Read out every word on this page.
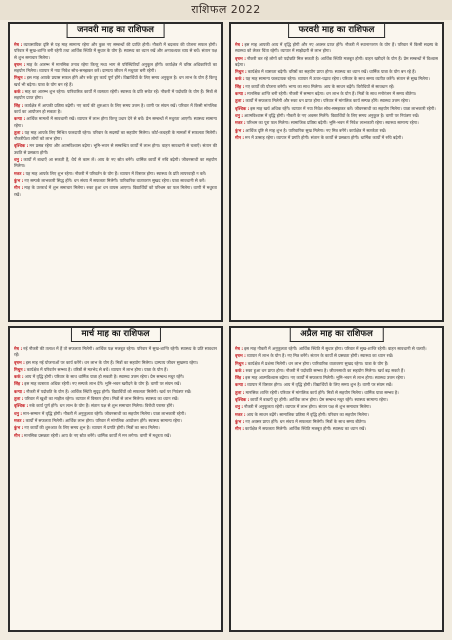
राशिफल 2022
जनवरी माह का राशिफल

मेष :व्यावसायिक दृष्टि से यह माह सामान्य रहेगा और कुछ नए सम्बन्धों की प्राप्ति होगी। नौकरी में बदलाव की योजना सफल होगी। परिवार में सुख-शान्ति बनी रहेगी तथा आर्थिक स्थिति में सुधार के योग हैं। स्वास्थ्य का ध्यान रखें और अनावश्यक व्यय से बचें। संतान पक्ष से शुभ समाचार मिलेगा।

वृषभ :माह के आरम्भ में मानसिक तनाव रहेगा किन्तु मध्य भाग से परिस्थितियाँ अनुकूल होंगी। कार्यक्षेत्र में वरिष्ठ अधिकारियों का सहयोग मिलेगा। व्यापार में नया निवेश सोच-समझकर करें। दाम्पत्य जीवन में मधुरता बनी रहेगी।

मिथुन :इस माह आपके प्रयास सफल होंगे और रुके हुए कार्य पूर्ण होंगे। विद्यार्थियों के लिए समय अनुकूल है। धन लाभ के योग हैं किन्तु खर्च भी बढ़ेगा। यात्रा के योग बन रहे हैं।

कर्क :माह का आरम्भ शुभ रहेगा। पारिवारिक कार्यों में व्यस्तता रहेगी। स्वास्थ्य के प्रति सचेत रहें। नौकरी में पदोन्नति के योग हैं। मित्रों से सहयोग प्राप्त होगा।

सिंह :कार्यक्षेत्र में आपकी प्रतिष्ठा बढ़ेगी। नए कार्य की शुरुआत के लिए समय उत्तम है। वाणी पर संयम रखें। परिवार में किसी मांगलिक कार्य का आयोजन हो सकता है।

कन्या :आर्थिक मामलों में सावधानी रखें। व्यापार में लाभ होगा किन्तु उधार देने से बचें। प्रेम सम्बन्धों में मधुरता आएगी। स्वास्थ्य सामान्य रहेगा।

तुला :यह माह आपके लिए मिश्रित फलदायी रहेगा। परिवार के सदस्यों का सहयोग मिलेगा। कोर्ट-कचहरी के मामलों में सफलता मिलेगी। नौकरीपेशा लोगों को लाभ होगा।

वृश्चिक :मन प्रसन्न रहेगा और आत्मविश्वास बढ़ेगा। भूमि-भवन से सम्बन्धित कार्यों में लाभ होगा। वाहन सावधानी से चलाएँ। संतान की उन्नति से प्रसन्नता होगी।

धनु :कार्यों में बाधाएँ आ सकती हैं, धैर्य से काम लें। आय के नए स्रोत बनेंगे। धार्मिक कार्यों में रुचि बढ़ेगी। जीवनसाथी का सहयोग मिलेगा।

मकर :यह माह आपके लिए शुभ रहेगा। नौकरी में परिवर्तन के योग हैं। व्यापार में विस्तार होगा। स्वास्थ्य के प्रति लापरवाही न करें।

कुंभ :नए सम्पर्क लाभकारी सिद्ध होंगे। धन संचय में सफलता मिलेगी। पारिवारिक वातावरण सुखद रहेगा। यात्रा सावधानी से करें।

मीन :माह के उत्तरार्ध में शुभ समाचार मिलेगा। रुका हुआ धन वापस आएगा। विद्यार्थियों को परिश्रम का फल मिलेगा। वाणी में मधुरता रखें।

फरवरी माह का राशिफल

मेष :इस माह आपकी आय में वृद्धि होगी और नए अवसर प्राप्त होंगे। नौकरी में स्थानान्तरण के योग हैं। परिवार में किसी सदस्य के स्वास्थ्य को लेकर चिंता रहेगी। व्यापार में साझेदारी से लाभ होगा।

वृषभ :नौकरी कर रहे लोगों को पदोन्नति मिल सकती है। आर्थिक स्थिति मजबूत होगी। वाहन खरीदने के योग हैं। प्रेम सम्बन्धों में विश्वास बढ़ेगा।

मिथुन :कार्यक्षेत्र में व्यस्तता बढ़ेगी। वरिष्ठों का सहयोग प्राप्त होगा। स्वास्थ्य का ध्यान रखें। धार्मिक यात्रा के योग बन रहे हैं।

कर्क :यह माह सामान्य फलदायक रहेगा। व्यापार में उतार-चढ़ाव रहेगा। परिवार के साथ समय व्यतीत करेंगे। संतान से सुख मिलेगा।

सिंह :नए कार्यों की योजना बनेगी। भाग्य का साथ मिलेगा। आय के साधन बढ़ेंगे। विरोधियों से सावधान रहें।

कन्या :मानसिक शान्ति बनी रहेगी। नौकरी में सम्मान बढ़ेगा। धन लाभ के योग हैं। मित्रों के साथ मनोरंजन में समय बीतेगा।

तुला :कार्यों में सफलता मिलेगी और रुका धन प्राप्त होगा। परिवार में मांगलिक कार्य सम्पन्न होंगे। स्वास्थ्य उत्तम रहेगा।

वृश्चिक :इस माह खर्च अधिक रहेंगे। व्यापार में नया निवेश सोच-समझकर करें। जीवनसाथी का सहयोग मिलेगा। यात्रा लाभकारी रहेगी।

धनु :आत्मविश्वास में वृद्धि होगी। नौकरी के नए अवसर मिलेंगे। विद्यार्थियों के लिए समय अनुकूल है। वाणी पर नियंत्रण रखें।

मकर :परिश्रम का पूरा फल मिलेगा। सामाजिक प्रतिष्ठा बढ़ेगी। भूमि-भवन में निवेश लाभकारी रहेगा। स्वास्थ्य सामान्य रहेगा।

कुंभ :आर्थिक दृष्टि से माह शुभ है। पारिवारिक सुख मिलेगा। नए मित्र बनेंगे। कार्यक्षेत्र में सतर्कता रखें।

मीन :मन में उत्साह रहेगा। व्यापार में प्रगति होगी। संतान के कार्यों से प्रसन्नता होगी। धार्मिक कार्यों में रुचि बढ़ेगी।

मार्च माह का राशिफल

मेष :नई नौकरी की तलाश में हैं तो सफलता मिलेगी। आर्थिक पक्ष मजबूत रहेगा। परिवार में सुख-शान्ति रहेगी। स्वास्थ्य के प्रति सावधान रहें।

वृषभ :इस माह नई योजनाओं पर कार्य करेंगे। धन लाभ के योग हैं। मित्रों का सहयोग मिलेगा। दाम्पत्य जीवन सुखमय रहेगा।

मिथुन :कार्यक्षेत्र में परिवर्तन सम्भव है। वरिष्ठों से मतभेद से बचें। व्यापार में लाभ होगा। यात्रा के योग हैं।

कर्क :आय में वृद्धि होगी। परिवार के साथ धार्मिक यात्रा हो सकती है। स्वास्थ्य उत्तम रहेगा। प्रेम सम्बन्ध मधुर रहेंगे।

सिंह :इस माह व्यस्तता अधिक रहेगी। नए सम्पर्क लाभ देंगे। भूमि-भवन खरीदने के योग हैं। वाणी पर संयम रखें।

कन्या :नौकरी में पदोन्नति के योग हैं। आर्थिक स्थिति सुदृढ़ होगी। विद्यार्थियों को सफलता मिलेगी। खर्च पर नियंत्रण रखें।

तुला :परिवार में खुशी का माहौल रहेगा। व्यापार में विस्तार होगा। मित्रों से लाभ मिलेगा। स्वास्थ्य का ध्यान रखें।

वृश्चिक :रुके कार्य पूर्ण होंगे। धन लाभ के योग हैं। संतान पक्ष से शुभ समाचार मिलेगा। विरोधी परास्त होंगे।

धनु :मान-सम्मान में वृद्धि होगी। नौकरी में अनुकूलता रहेगी। जीवनसाथी का सहयोग मिलेगा। यात्रा लाभकारी रहेगी।

मकर :कार्यों में सफलता मिलेगी। आर्थिक लाभ होगा। परिवार में मांगलिक आयोजन होंगे। स्वास्थ्य सामान्य रहेगा।

कुंभ :नए कार्यों की शुरुआत के लिए समय शुभ है। व्यापार में प्रगति होगी। मित्रों का साथ मिलेगा।

मीन :मानसिक प्रसन्नता रहेगी। आय के नए स्रोत बनेंगे। धार्मिक कार्यों में मन लगेगा। वाणी में मधुरता रखें।

अप्रैल माह का राशिफल

मेष :इस माह नौकरी में अनुकूलता रहेगी। आर्थिक स्थिति में सुधार होगा। परिवार में सुख-शान्ति रहेगी। वाहन सावधानी से चलाएँ।

वृषभ :व्यापार में लाभ के योग हैं। नए मित्र बनेंगे। संतान के कार्यों से प्रसन्नता होगी। स्वास्थ्य का ध्यान रखें।

मिथुन :कार्यक्षेत्र में प्रशंसा मिलेगी। धन लाभ होगा। पारिवारिक वातावरण सुखद रहेगा। यात्रा के योग हैं।

कर्क :रुका हुआ धन प्राप्त होगा। नौकरी में पदोन्नति सम्भव है। जीवनसाथी का सहयोग मिलेगा। खर्च बढ़ सकते हैं।

सिंह :इस माह आत्मविश्वास बढ़ेगा। नए कार्यों में सफलता मिलेगी। भूमि-भवन से लाभ होगा। स्वास्थ्य उत्तम रहेगा।

कन्या :व्यापार में विस्तार होगा। आय में वृद्धि होगी। विद्यार्थियों के लिए समय शुभ है। वाणी पर संयम रखें।

तुला :मानसिक शान्ति रहेगी। परिवार में मांगलिक कार्य होंगे। मित्रों से सहयोग मिलेगा। धार्मिक यात्रा सम्भव है।

वृश्चिक :कार्यों में बाधाएँ दूर होंगी। आर्थिक लाभ होगा। प्रेम सम्बन्ध मधुर रहेंगे। स्वास्थ्य सामान्य रहेगा।

धनु :नौकरी में अनुकूलता रहेगी। व्यापार में लाभ होगा। संतान पक्ष से शुभ समाचार मिलेगा।

मकर :आय के साधन बढ़ेंगे। सामाजिक प्रतिष्ठा में वृद्धि होगी। परिवार का सहयोग मिलेगा।

कुंभ :नए अवसर प्राप्त होंगे। धन संचय में सफलता मिलेगी। मित्रों के साथ समय बीतेगा।

मीन :कार्यक्षेत्र में सफलता मिलेगी। आर्थिक स्थिति मजबूत होगी। स्वास्थ्य का ध्यान रखें।
